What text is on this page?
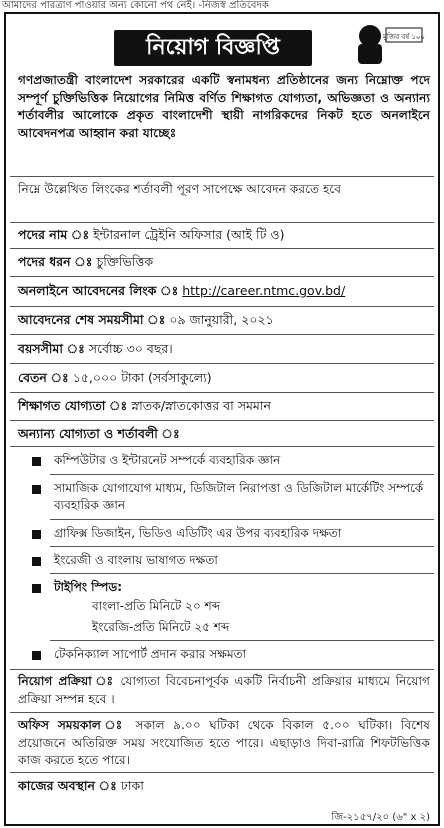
আমাদের পারত্রাণ পাওয়ার অন্য কোনো পথ নেই। -নিজস্ব প্রতিবেদক
নিয়োগ বিজ্ঞপ্তি	মুজিব বর্ষ ১০০
গণপ্রজাতন্ত্রী বাংলাদেশ সরকারের একটি স্বনামধন্য প্রতিষ্ঠানের জন্য নিম্নোক্ত পদে সম্পূর্ণ চুক্তিভিত্তিক নিয়োগের নিমিত্ত বর্ণিত শিক্ষাগত যোগ্যতা, অভিজ্ঞতা ও অন্যান্য শর্তাবলীর আলোকে প্রকৃত বাংলাদেশী স্থায়ী নাগরিকদের নিকট হতে অনলাইনে আবেদনপত্র আহ্বান করা যাচ্ছেঃ
নিম্নে উল্লেখিত লিংকের শর্তাবলী পূরণ সাপেক্ষে আবেদন করতে হবে
পদের নাম ঃ ইন্টারনাল ট্রেইনি অফিসার (আই টি ও)
পদের ধরন ঃ চুক্তিভিত্তিক
অনলাইনে আবেদনের লিংক ঃ http://career.ntmc.gov.bd/
আবেদনের শেষ সময়সীমা ঃ ০৯ জানুয়ারী, ২০২১
বয়সসীমা ঃ সর্বোচ্চ ৩০ বছর।
বেতন ঃ ১৫,০০০ টাকা (সর্বসাকুল্যে)
শিক্ষাগত যোগ্যতা ঃ স্নাতক/স্নাতকোত্তর বা সমমান
অন্যান্য যোগ্যতা ও শর্তাবলী ঃ
কম্পিউটার ও ইন্টারনেট সম্পর্কে ব্যবহারিক জ্ঞান
সামাজিক যোগাযোগ মাধ্যম, ডিজিটাল নিরাপত্তা ও ডিজিটাল মার্কেটিং সম্পর্কে ব্যবহারিক জ্ঞান
গ্রাফিক্স ডিজাইন, ভিডিও এডিটিং এর উপর ব্যবহারিক দক্ষতা
ইংরেজী ও বাংলায় ভাষাগত দক্ষতা
টাইপিং স্পিড:
বাংলা-প্রতি মিনিটে ২০ শব্দ
ইংরেজি-প্রতি মিনিটে ২৫ শব্দ
টেকনিক্যাল সাপোর্ট প্রদান করার সক্ষমতা
নিয়োগ প্রক্রিয়া ঃ যোগ্যতা বিবেচনাপূর্বক একটি নির্বাচনী প্রক্রিয়ার মাধ্যমে নিয়োগ প্রক্রিয়া সম্পন্ন হবে ।
অফিস সময়কাল ঃ সকাল ৯.০০ ঘটিকা থেকে বিকাল ৫.০০ ঘটিকা। বিশেষ প্রয়োজনে অতিরিক্ত সময় সংযোজিত হতে পারে। এছাড়াও দিবা-রাত্রি শিফটভিত্তিক কাজ করতে হতে পারে।
কাজের অবস্থান ঃ ঢাকা
জি-২১৫৭/২০ (৬" x ২)
